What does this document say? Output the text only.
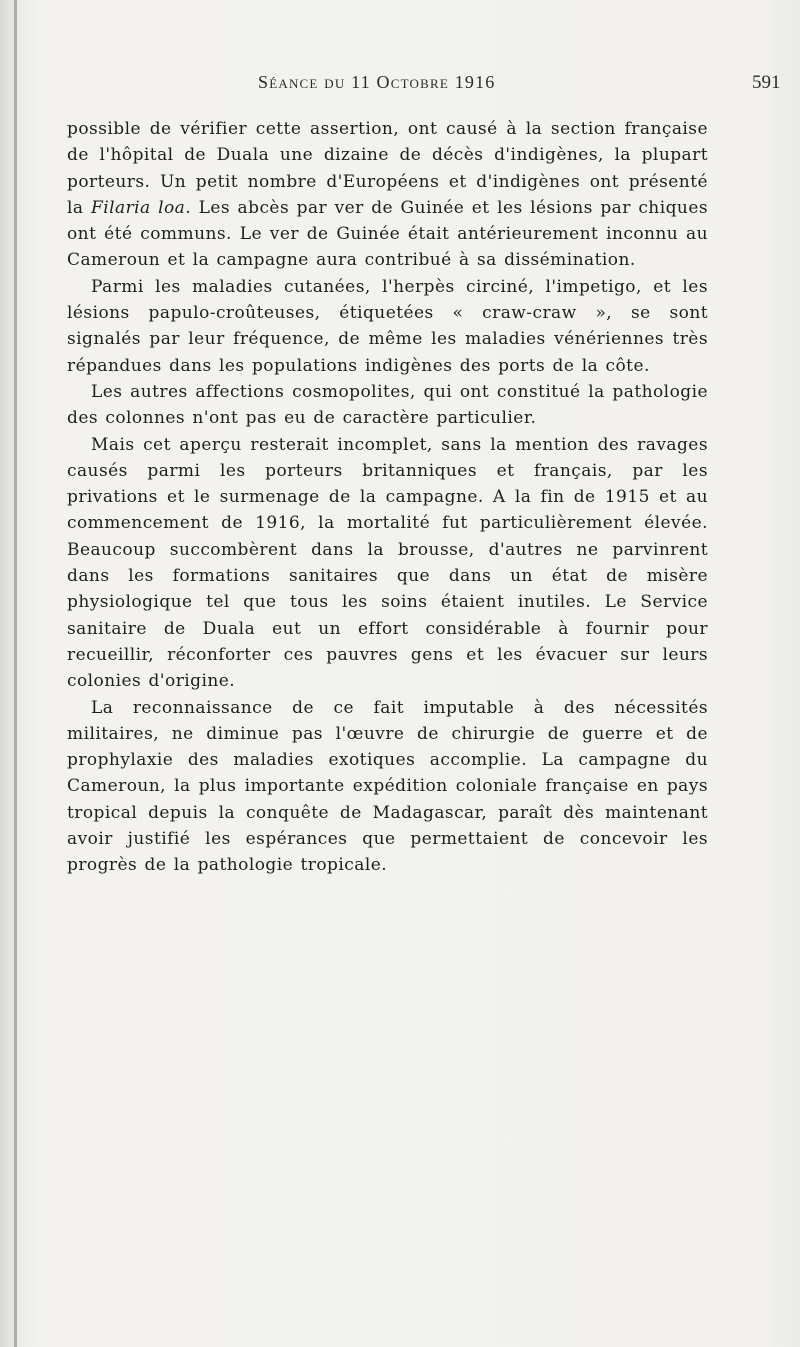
Séance du 11 Octobre 1916	591

possible de vérifier cette assertion, ont causé à la section française de l'hôpital de Duala une dizaine de décès d'indigènes, la plupart porteurs. Un petit nombre d'Européens et d'indigènes ont présenté la Filaria loa. Les abcès par ver de Guinée et les lésions par chiques ont été communs. Le ver de Guinée était antérieurement inconnu au Cameroun et la campagne aura contribué à sa dissémination.

Parmi les maladies cutanées, l'herpès circiné, l'impetigo, et les lésions papulo-croûteuses, étiquetées « craw-craw », se sont signalés par leur fréquence, de même les maladies vénériennes très répandues dans les populations indigènes des ports de la côte.

Les autres affections cosmopolites, qui ont constitué la pathologie des colonnes n'ont pas eu de caractère particulier.

Mais cet aperçu resterait incomplet, sans la mention des ravages causés parmi les porteurs britanniques et français, par les privations et le surmenage de la campagne. A la fin de 1915 et au commencement de 1916, la mortalité fut particulièrement élevée. Beaucoup succombèrent dans la brousse, d'autres ne parvinrent dans les formations sanitaires que dans un état de misère physiologique tel que tous les soins étaient inutiles. Le Service sanitaire de Duala eut un effort considérable à fournir pour recueillir, réconforter ces pauvres gens et les évacuer sur leurs colonies d'origine.

La reconnaissance de ce fait imputable à des nécessités militaires, ne diminue pas l'œuvre de chirurgie de guerre et de prophylaxie des maladies exotiques accomplie. La campagne du Cameroun, la plus importante expédition coloniale française en pays tropical depuis la conquête de Madagascar, paraît dès maintenant avoir justifié les espérances que permettaient de concevoir les progrès de la pathologie tropicale.
